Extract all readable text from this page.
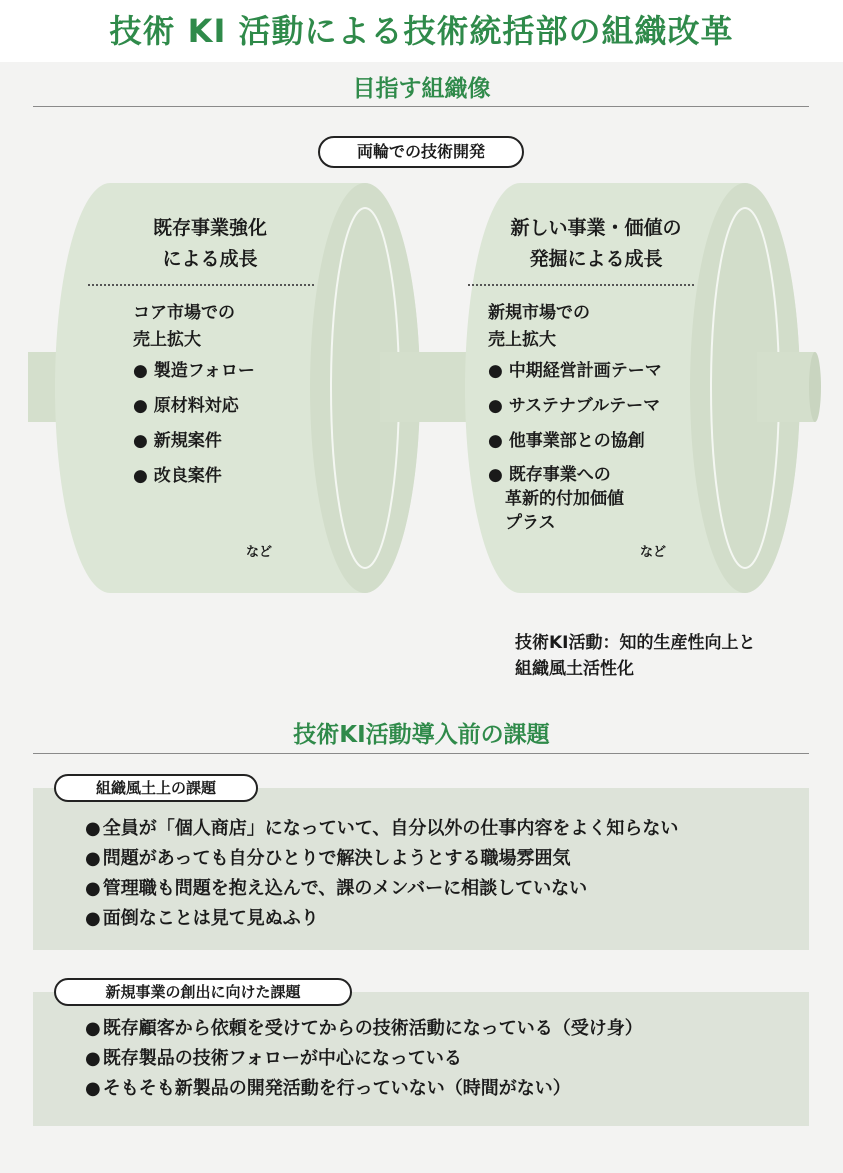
技術 KI 活動による技術統括部の組織改革
目指す組織像
両輪での技術開発
既存事業強化
による成長
コア市場での
売上拡大
● 製造フォロー
● 原材料対応
● 新規案件
● 改良案件
など
新しい事業・価値の
発掘による成長
新規市場での
売上拡大
● 中期経営計画テーマ
● サステナブルテーマ
● 他事業部との協創
● 既存事業への
革新的付加価値
プラス
など
技術KI活動：知的生産性向上と
組織風土活性化
技術KI活動導入前の課題
● 全員が「個人商店」になっていて、自分以外の仕事内容をよく知らない
● 問題があっても自分ひとりで解決しようとする職場雰囲気
● 管理職も問題を抱え込んで、課のメンバーに相談していない
● 面倒なことは見て見ぬふり
組織風土上の課題
● 既存顧客から依頼を受けてからの技術活動になっている（受け身）
● 既存製品の技術フォローが中心になっている
● そもそも新製品の開発活動を行っていない（時間がない）
新規事業の創出に向けた課題
